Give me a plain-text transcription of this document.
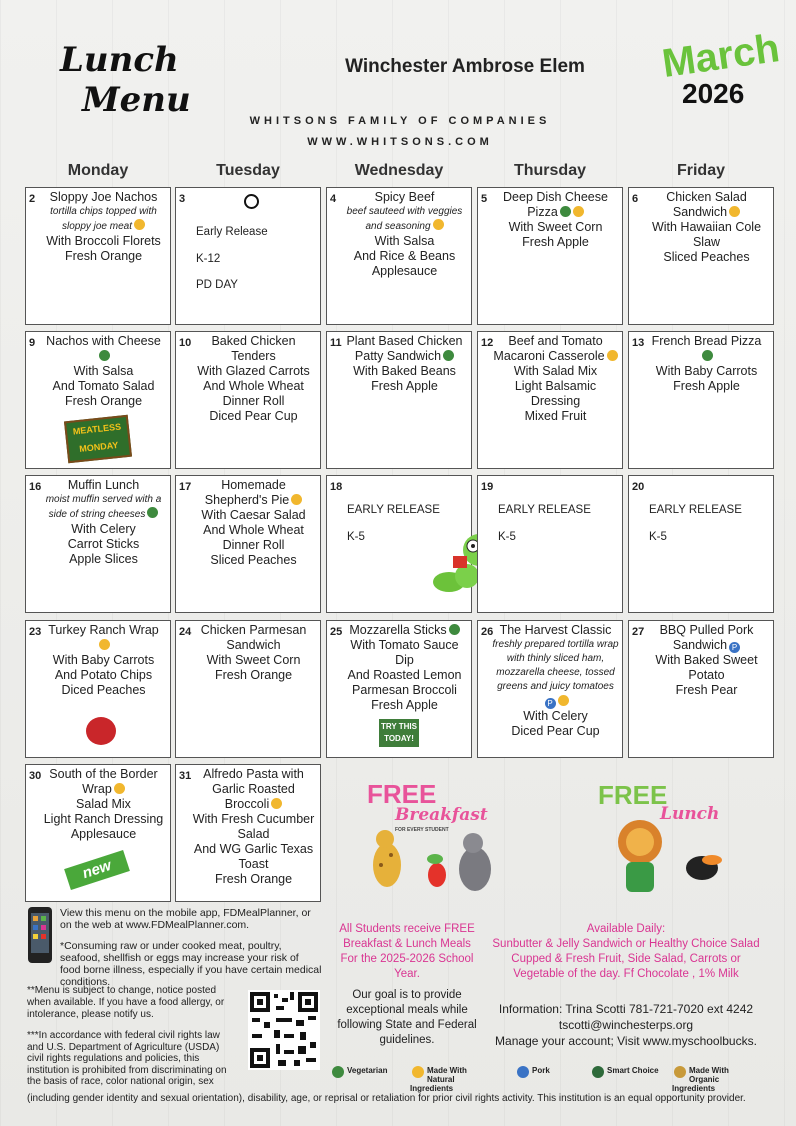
Lunch
Menu
Winchester Ambrose Elem
WHITSONS FAMILY OF COMPANIES
WWW.WHITSONS.COM
March
2026
Monday	Tuesday	Wednesday	Thursday	Friday
2	Sloppy Joe Nachos
tortilla chips topped with sloppy joe meat
With Broccoli Florets
Fresh Orange
3
Early Release
K-12
PD DAY
4	Spicy Beef
beef sauteed with veggies and seasoning
With Salsa
And Rice & Beans
Applesauce
5	Deep Dish Cheese Pizza
With Sweet Corn
Fresh Apple
6	Chicken Salad Sandwich
With Hawaiian Cole Slaw
Sliced Peaches
9 Nachos with Cheese
With Salsa
And Tomato Salad
Fresh Orange
MEATLESS MONDAY
10	Baked Chicken Tenders
With Glazed Carrots
And Whole Wheat Dinner Roll
Diced Pear Cup
11 Plant Based Chicken Patty Sandwich
With Baked Beans
Fresh Apple
12	Beef and Tomato Macaroni Casserole
With Salad Mix
Light Balsamic Dressing
Mixed Fruit
13 French Bread Pizza
With Baby Carrots
Fresh Apple
16	Muffin Lunch
moist muffin served with a side of string cheeses
With Celery
Carrot Sticks
Apple Slices
17	Homemade Shepherd's Pie
With Caesar Salad
And Whole Wheat Dinner Roll
Sliced Peaches
18
EARLY RELEASE
K-5
19
EARLY RELEASE
K-5
20
EARLY RELEASE
K-5
23 Turkey Ranch Wrap
With Baby Carrots
And Potato Chips
Diced Peaches
24 Chicken Parmesan Sandwich
With Sweet Corn
Fresh Orange
25 Mozzarella Sticks
With Tomato Sauce Dip
And Roasted Lemon Parmesan Broccoli
Fresh Apple
TRY THIS TODAY!
26 The Harvest Classic
freshly prepared tortilla wrap with thinly sliced ham, mozzarella cheese, tossed greens and juicy tomatoes
P
With Celery
Diced Pear Cup
27	BBQ Pulled Pork Sandwich P
With Baked Sweet Potato
Fresh Pear
30 South of the Border Wrap
Salad Mix
Light Ranch Dressing
Applesauce
new
31 Alfredo Pasta with Garlic Roasted Broccoli
With Fresh Cucumber Salad
And WG Garlic Texas Toast
Fresh Orange
FREE
Breakfast
FOR EVERY STUDENT
FREE
Lunch
View this menu on the mobile app, FDMealPlanner, or on the web at www.FDMealPlanner.com.
*Consuming raw or under cooked meat, poultry, seafood, shellfish or eggs may increase your risk of food borne illness, especially if you have certain medical conditions.
**Menu is subject to change, notice posted when available. If you have a food allergy, or intolerance, please notify us.
***In accordance with federal civil rights law and U.S. Department of Agriculture (USDA) civil rights regulations and policies, this institution is prohibited from discriminating on the basis of race, color national origin, sex
(including gender identity and sexual orientation), disability, age, or reprisal or retaliation for prior civil rights activity. This institution is an equal opportunity provider.
All Students receive FREE Breakfast & Lunch Meals For the 2025-2026 School Year.
Our goal is to provide exceptional meals while following State and Federal guidelines.
Available Daily:
Sunbutter & Jelly Sandwich or Healthy Choice Salad Cupped & Fresh Fruit, Side Salad, Carrots or Vegetable of the day. Ff Chocolate , 1% Milk
Information: Trina Scotti 781-721-7020 ext 4242
tscotti@winchesterps.org
Manage your account; Visit www.myschoolbucks.
Vegetarian	Made With Natural Ingredients
Pork	Smart Choice	Made With Organic Ingredients
